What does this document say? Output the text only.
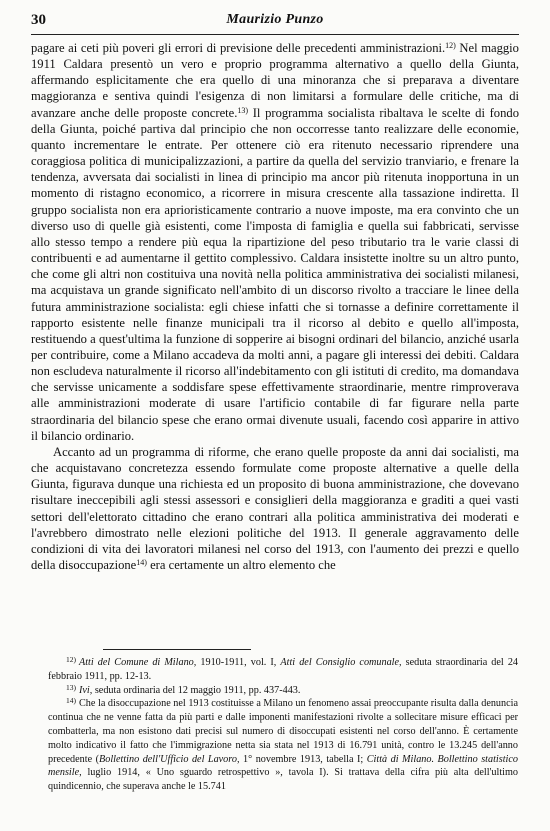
30	Maurizio Punzo

pagare ai ceti più poveri gli errori di previsione delle precedenti amministrazioni.$^{12)}$ Nel maggio 1911 Caldara presentò un vero e proprio programma alternativo a quello della Giunta, affermando esplicitamente che era quello di una minoranza che si preparava a diventare maggioranza e sentiva quindi l'esigenza di non limitarsi a formulare delle critiche, ma di avanzare anche delle proposte concrete.$^{13)}$ Il programma socialista ribaltava le scelte di fondo della Giunta, poiché partiva dal principio che non occorresse tanto realizzare delle economie, quanto incrementare le entrate. Per ottenere ciò era ritenuto necessario riprendere una coraggiosa politica di municipalizzazioni, a partire da quella del servizio tranviario, e frenare la tendenza, avversata dai socialisti in linea di principio ma ancor più ritenuta inopportuna in un momento di ristagno economico, a ricorrere in misura crescente alla tassazione indiretta. Il gruppo socialista non era aprioristicamente contrario a nuove imposte, ma era convinto che un diverso uso di quelle già esistenti, come l'imposta di famiglia e quella sui fabbricati, servisse allo stesso tempo a rendere più equa la ripartizione del peso tributario tra le varie classi di contribuenti e ad aumentarne il gettito complessivo. Caldara insistette inoltre su un altro punto, che come gli altri non costituiva una novità nella politica amministrativa dei socialisti milanesi, ma acquistava un grande significato nell'ambito di un discorso rivolto a tracciare le linee della futura amministrazione socialista: egli chiese infatti che si tornasse a definire correttamente il rapporto esistente nelle finanze municipali tra il ricorso al debito e quello all'imposta, restituendo a quest'ultima la funzione di sopperire ai bisogni ordinari del bilancio, anziché usarla per contribuire, come a Milano accadeva da molti anni, a pagare gli interessi dei debiti. Caldara non escludeva naturalmente il ricorso all'indebitamento con gli istituti di credito, ma domandava che servisse unicamente a soddisfare spese effettivamente straordinarie, mentre rimproverava alle amministrazioni moderate di usare l'artificio contabile di far figurare nella parte straordinaria del bilancio spese che erano ormai divenute usuali, facendo così apparire in attivo il bilancio ordinario.

Accanto ad un programma di riforme, che erano quelle proposte da anni dai socialisti, ma che acquistavano concretezza essendo formulate come proposte alternative a quelle della Giunta, figurava dunque una richiesta ed un proposito di buona amministrazione, che dovevano risultare ineccepibili agli stessi assessori e consiglieri della maggioranza e graditi a quei vasti settori dell'elettorato cittadino che erano contrari alla politica amministrativa dei moderati e l'avrebbero dimostrato nelle elezioni politiche del 1913. Il generale aggravamento delle condizioni di vita dei lavoratori milanesi nel corso del 1913, con l'aumento dei prezzi e quello della disoccupazione$^{14)}$ era certamente un altro elemento che

$^{12)}$ Atti del Comune di Milano, 1910-1911, vol. I, Atti del Consiglio comunale, seduta straordinaria del 24 febbraio 1911, pp. 12-13.

$^{13)}$ Ivi, seduta ordinaria del 12 maggio 1911, pp. 437-443.

$^{14)}$ Che la disoccupazione nel 1913 costituisse a Milano un fenomeno assai preoccupante risulta dalla denuncia continua che ne venne fatta da più parti e dalle imponenti manifestazioni rivolte a sollecitare misure efficaci per combatterla, ma non esistono dati precisi sul numero di disoccupati esistenti nel corso dell'anno. È certamente molto indicativo il fatto che l'immigrazione netta sia stata nel 1913 di 16.791 unità, contro le 13.245 dell'anno precedente (Bollettino dell'Ufficio del Lavoro, 1° novembre 1913, tabella I; Città di Milano. Bollettino statistico mensile, luglio 1914, « Uno sguardo retrospettivo », tavola I). Si trattava della cifra più alta dell'ultimo quindicennio, che superava anche le 15.741
